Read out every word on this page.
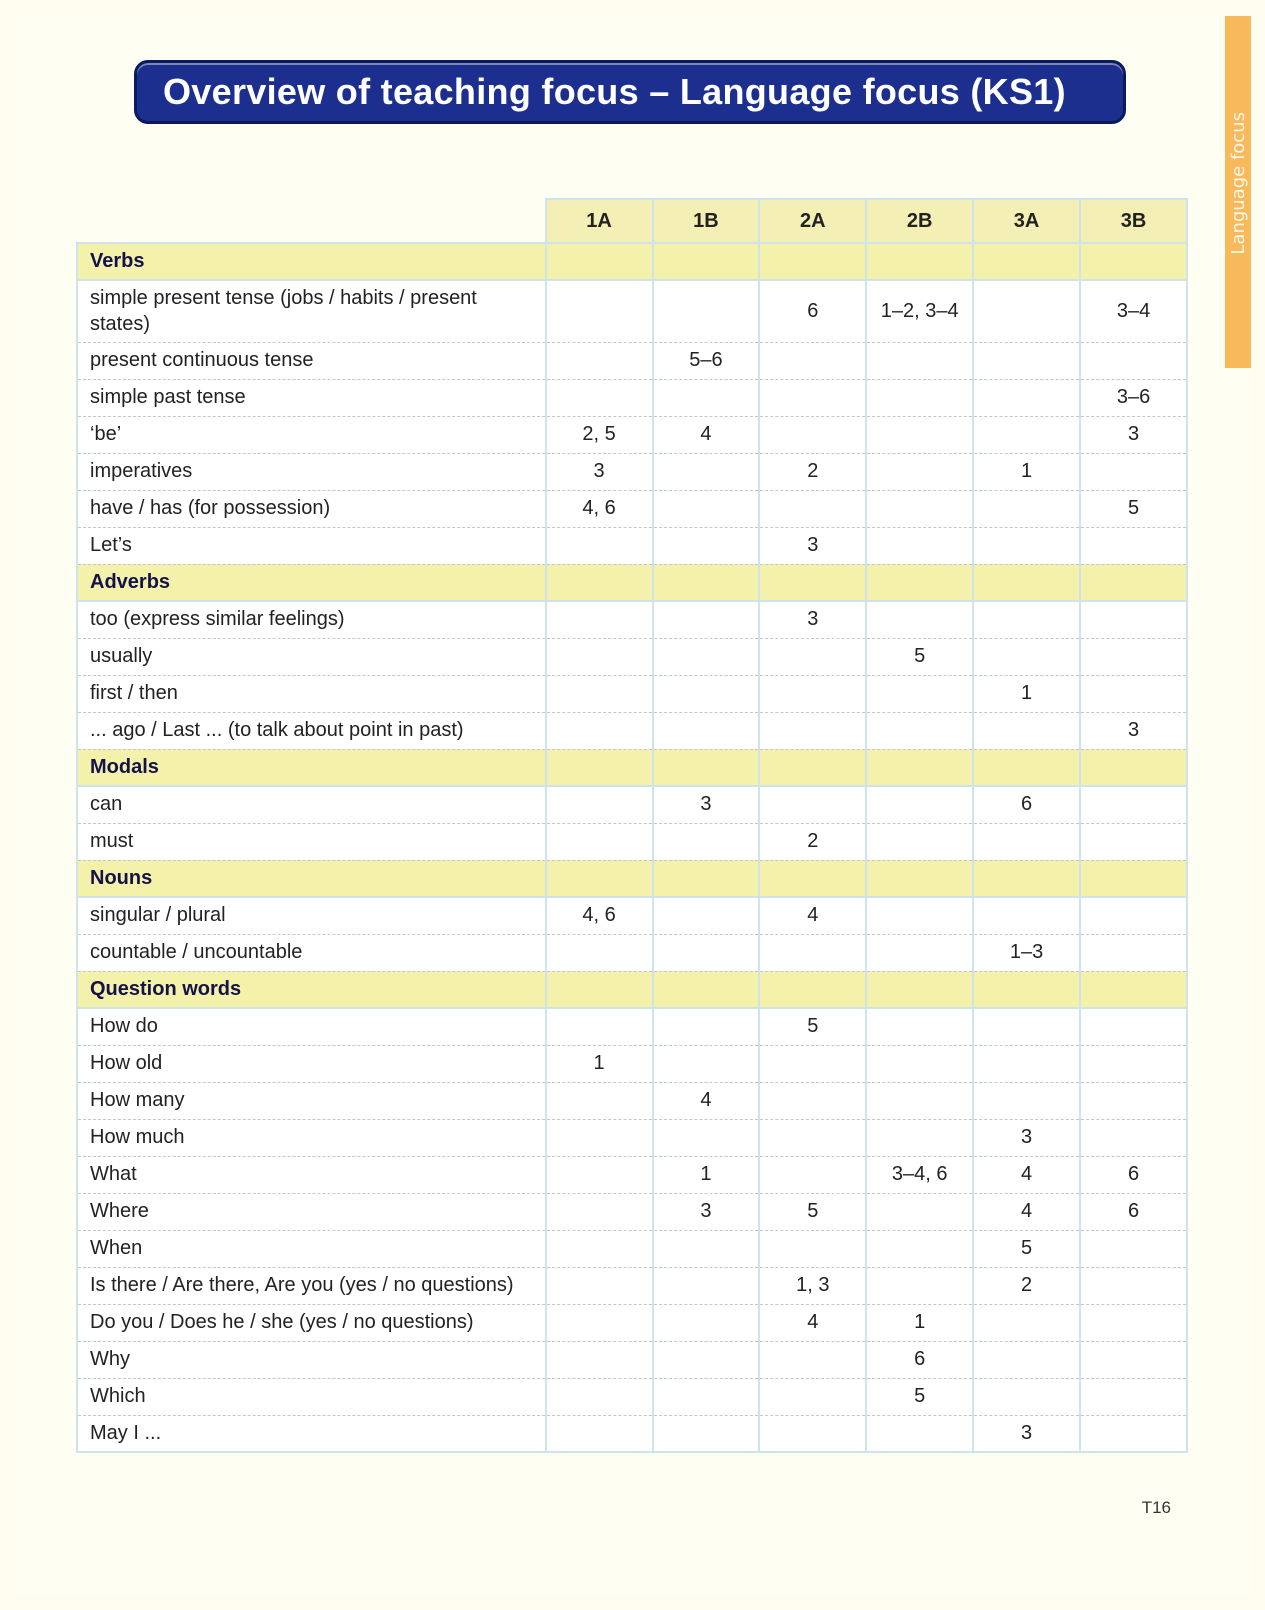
Language focus
Overview of teaching focus – Language focus (KS1)
	1A	1B	2A	2B	3A	3B
Verbs						
simple present tense (jobs / habits / present states)			6	1–2, 3–4		3–4
present continuous tense		5–6				
simple past tense						3–6
‘be’	2, 5	4				3
imperatives	3		2		1	
have / has (for possession)	4, 6					5
Let’s			3			
Adverbs						
too (express similar feelings)			3			
usually				5		
first / then					1	
... ago / Last ... (to talk about point in past)						3
Modals						
can		3			6	
must			2			
Nouns						
singular / plural	4, 6		4			
countable / uncountable					1–3	
Question words						
How do			5			
How old	1					
How many		4				
How much					3	
What		1		3–4, 6	4	6
Where		3	5		4	6
When					5	
Is there / Are there, Are you (yes / no questions)			1, 3		2	
Do you / Does he / she (yes / no questions)			4	1		
Why				6		
Which				5		
May I ...					3	
T16
